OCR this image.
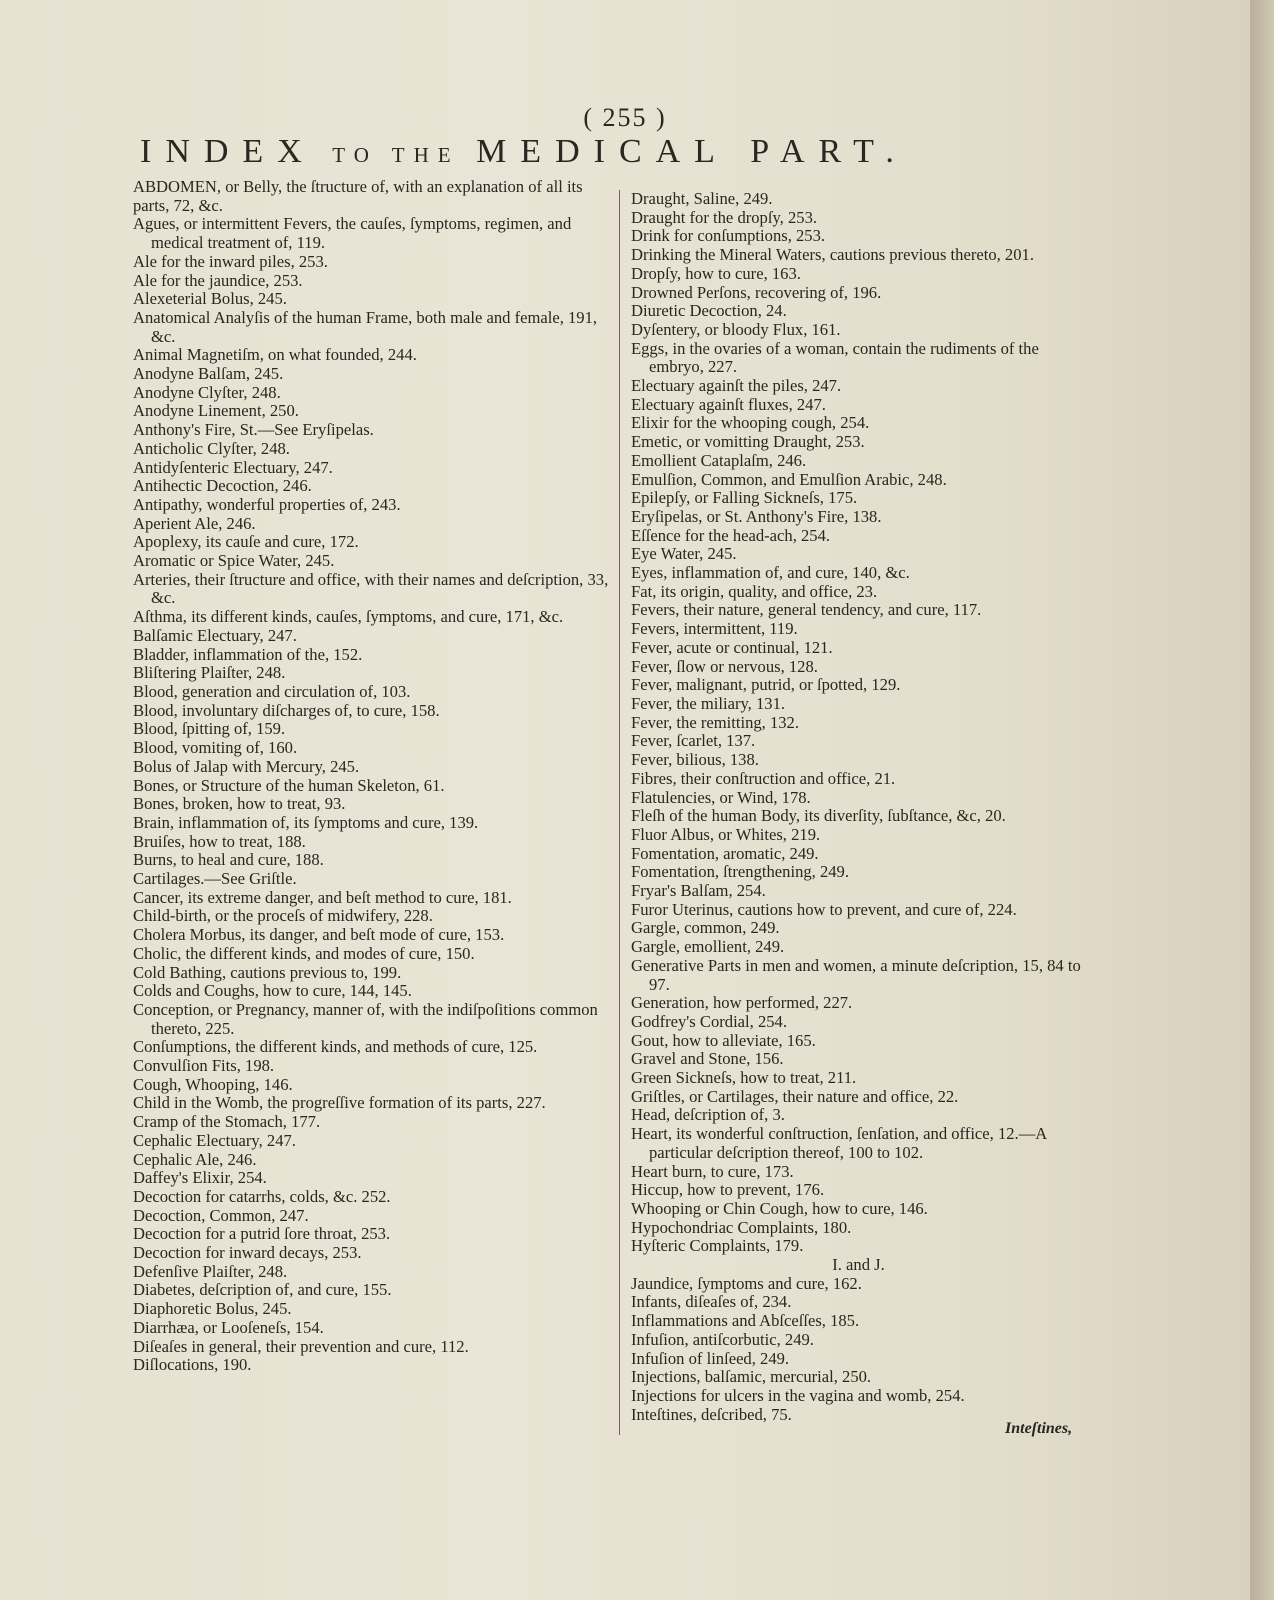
( 255 )
INDEX TO THE MEDICAL PART.
ABDOMEN, or Belly, the ſtructure of, with an explanation of all its parts, 72, &c.
Agues, or intermittent Fevers, the cauſes, ſymptoms, regimen, and medical treatment of, 119.
Ale for the inward piles, 253.
Ale for the jaundice, 253.
Alexeterial Bolus, 245.
Anatomical Analyſis of the human Frame, both male and female, 191, &c.
Animal Magnetiſm, on what founded, 244.
Anodyne Balſam, 245.
Anodyne Clyſter, 248.
Anodyne Linement, 250.
Anthony's Fire, St.—See Eryſipelas.
Anticholic Clyſter, 248.
Antidyſenteric Electuary, 247.
Antihectic Decoction, 246.
Antipathy, wonderful properties of, 243.
Aperient Ale, 246.
Apoplexy, its cauſe and cure, 172.
Aromatic or Spice Water, 245.
Arteries, their ſtructure and office, with their names and deſcription, 33, &c.
Aſthma, its different kinds, cauſes, ſymptoms, and cure, 171, &c.
Balſamic Electuary, 247.
Bladder, inflammation of the, 152.
Bliſtering Plaiſter, 248.
Blood, generation and circulation of, 103.
Blood, involuntary diſcharges of, to cure, 158.
Blood, ſpitting of, 159.
Blood, vomiting of, 160.
Bolus of Jalap with Mercury, 245.
Bones, or Structure of the human Skeleton, 61.
Bones, broken, how to treat, 93.
Brain, inflammation of, its ſymptoms and cure, 139.
Bruiſes, how to treat, 188.
Burns, to heal and cure, 188.
Cartilages.—See Griſtle.
Cancer, its extreme danger, and beſt method to cure, 181.
Child-birth, or the proceſs of midwifery, 228.
Cholera Morbus, its danger, and beſt mode of cure, 153.
Cholic, the different kinds, and modes of cure, 150.
Cold Bathing, cautions previous to, 199.
Colds and Coughs, how to cure, 144, 145.
Conception, or Pregnancy, manner of, with the indiſpoſitions common thereto, 225.
Conſumptions, the different kinds, and methods of cure, 125.
Convulſion Fits, 198.
Cough, Whooping, 146.
Child in the Womb, the progreſſive formation of its parts, 227.
Cramp of the Stomach, 177.
Cephalic Electuary, 247.
Cephalic Ale, 246.
Daffey's Elixir, 254.
Decoction for catarrhs, colds, &c. 252.
Decoction, Common, 247.
Decoction for a putrid ſore throat, 253.
Decoction for inward decays, 253.
Defenſive Plaiſter, 248.
Diabetes, deſcription of, and cure, 155.
Diaphoretic Bolus, 245.
Diarrhæa, or Looſeneſs, 154.
Diſeaſes in general, their prevention and cure, 112.
Diſlocations, 190.
Draught, Saline, 249.
Draught for the dropſy, 253.
Drink for conſumptions, 253.
Drinking the Mineral Waters, cautions previous thereto, 201.
Dropſy, how to cure, 163.
Drowned Perſons, recovering of, 196.
Diuretic Decoction, 24.
Dyſentery, or bloody Flux, 161.
Eggs, in the ovaries of a woman, contain the rudiments of the embryo, 227.
Electuary againſt the piles, 247.
Electuary againſt fluxes, 247.
Elixir for the whooping cough, 254.
Emetic, or vomitting Draught, 253.
Emollient Cataplaſm, 246.
Emulſion, Common, and Emulſion Arabic, 248.
Epilepſy, or Falling Sickneſs, 175.
Eryſipelas, or St. Anthony's Fire, 138.
Eſſence for the head-ach, 254.
Eye Water, 245.
Eyes, inflammation of, and cure, 140, &c.
Fat, its origin, quality, and office, 23.
Fevers, their nature, general tendency, and cure, 117.
Fevers, intermittent, 119.
Fever, acute or continual, 121.
Fever, ſlow or nervous, 128.
Fever, malignant, putrid, or ſpotted, 129.
Fever, the miliary, 131.
Fever, the remitting, 132.
Fever, ſcarlet, 137.
Fever, bilious, 138.
Fibres, their conſtruction and office, 21.
Flatulencies, or Wind, 178.
Fleſh of the human Body, its diverſity, ſubſtance, &c, 20.
Fluor Albus, or Whites, 219.
Fomentation, aromatic, 249.
Fomentation, ſtrengthening, 249.
Fryar's Balſam, 254.
Furor Uterinus, cautions how to prevent, and cure of, 224.
Gargle, common, 249.
Gargle, emollient, 249.
Generative Parts in men and women, a minute deſcription, 15, 84 to 97.
Generation, how performed, 227.
Godfrey's Cordial, 254.
Gout, how to alleviate, 165.
Gravel and Stone, 156.
Green Sickneſs, how to treat, 211.
Griſtles, or Cartilages, their nature and office, 22.
Head, deſcription of, 3.
Heart, its wonderful conſtruction, ſenſation, and office, 12.—A particular deſcription thereof, 100 to 102.
Heart burn, to cure, 173.
Hiccup, how to prevent, 176.
Whooping or Chin Cough, how to cure, 146.
Hypochondriac Complaints, 180.
Hyſteric Complaints, 179.
I. and J.
Jaundice, ſymptoms and cure, 162.
Infants, diſeaſes of, 234.
Inflammations and Abſceſſes, 185.
Infuſion, antiſcorbutic, 249.
Infuſion of linſeed, 249.
Injections, balſamic, mercurial, 250.
Injections for ulcers in the vagina and womb, 254.
Inteſtines, deſcribed, 75.
Inteſtines,
